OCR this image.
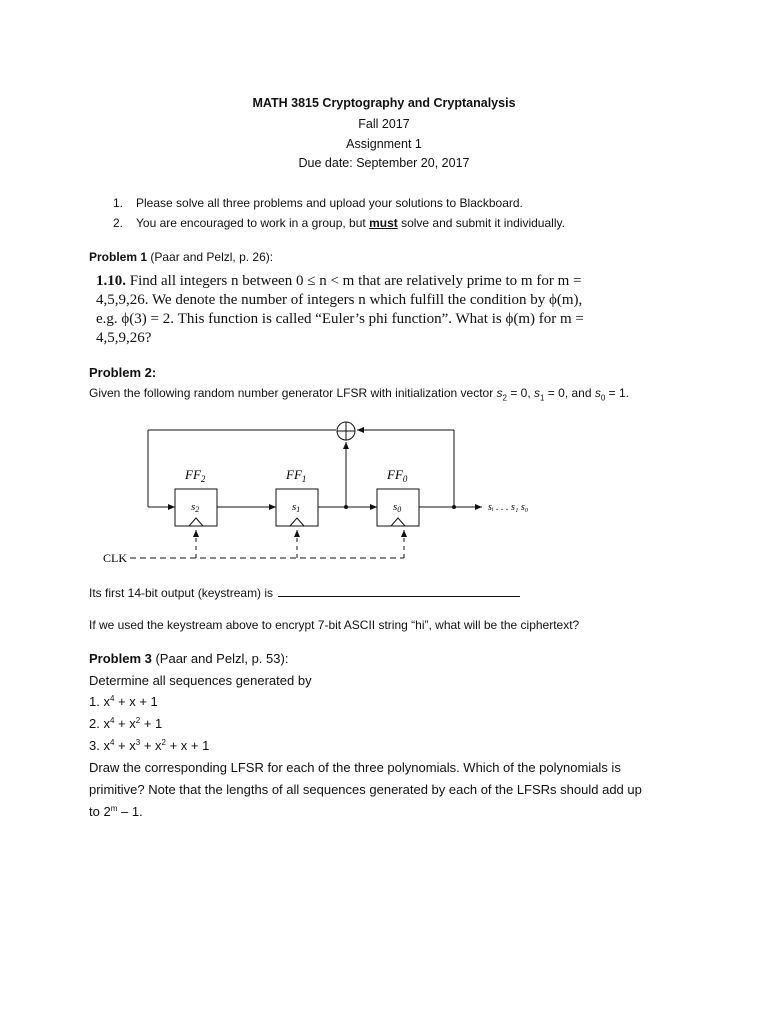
MATH 3815 Cryptography and Cryptanalysis
Fall 2017
Assignment 1
Due date: September 20, 2017
1. Please solve all three problems and upload your solutions to Blackboard.
2. You are encouraged to work in a group, but must solve and submit it individually.
Problem 1 (Paar and Pelzl, p. 26):
1.10. Find all integers n between 0 ≤ n < m that are relatively prime to m for m =
4,5,9,26. We denote the number of integers n which fulfill the condition by ϕ(m),
e.g. ϕ(3) = 2. This function is called “Euler’s phi function”. What is ϕ(m) for m =
4,5,9,26?
Problem 2:
Given the following random number generator LFSR with initialization vector $s_2 = 0$, $s_1 = 0$, and $s_0 = 1$.
$FF_2$	$FF_1$	$FF_0$
s2	s1	s0	sᵢ . . . s₁ s₀
CLK
Its first 14-bit output (keystream) is
If we used the keystream above to encrypt 7-bit ASCII string “hi”, what will be the ciphertext?
Problem 3 (Paar and Pelzl, p. 53):
Determine all sequences generated by
1. $x^4 + x + 1$
2. $x^4 + x^2 + 1$
3. $x^4 + x^3 + x^2 + x + 1$
Draw the corresponding LFSR for each of the three polynomials. Which of the polynomials is
primitive? Note that the lengths of all sequences generated by each of the LFSRs should add up
to 2$^m$ – 1.
